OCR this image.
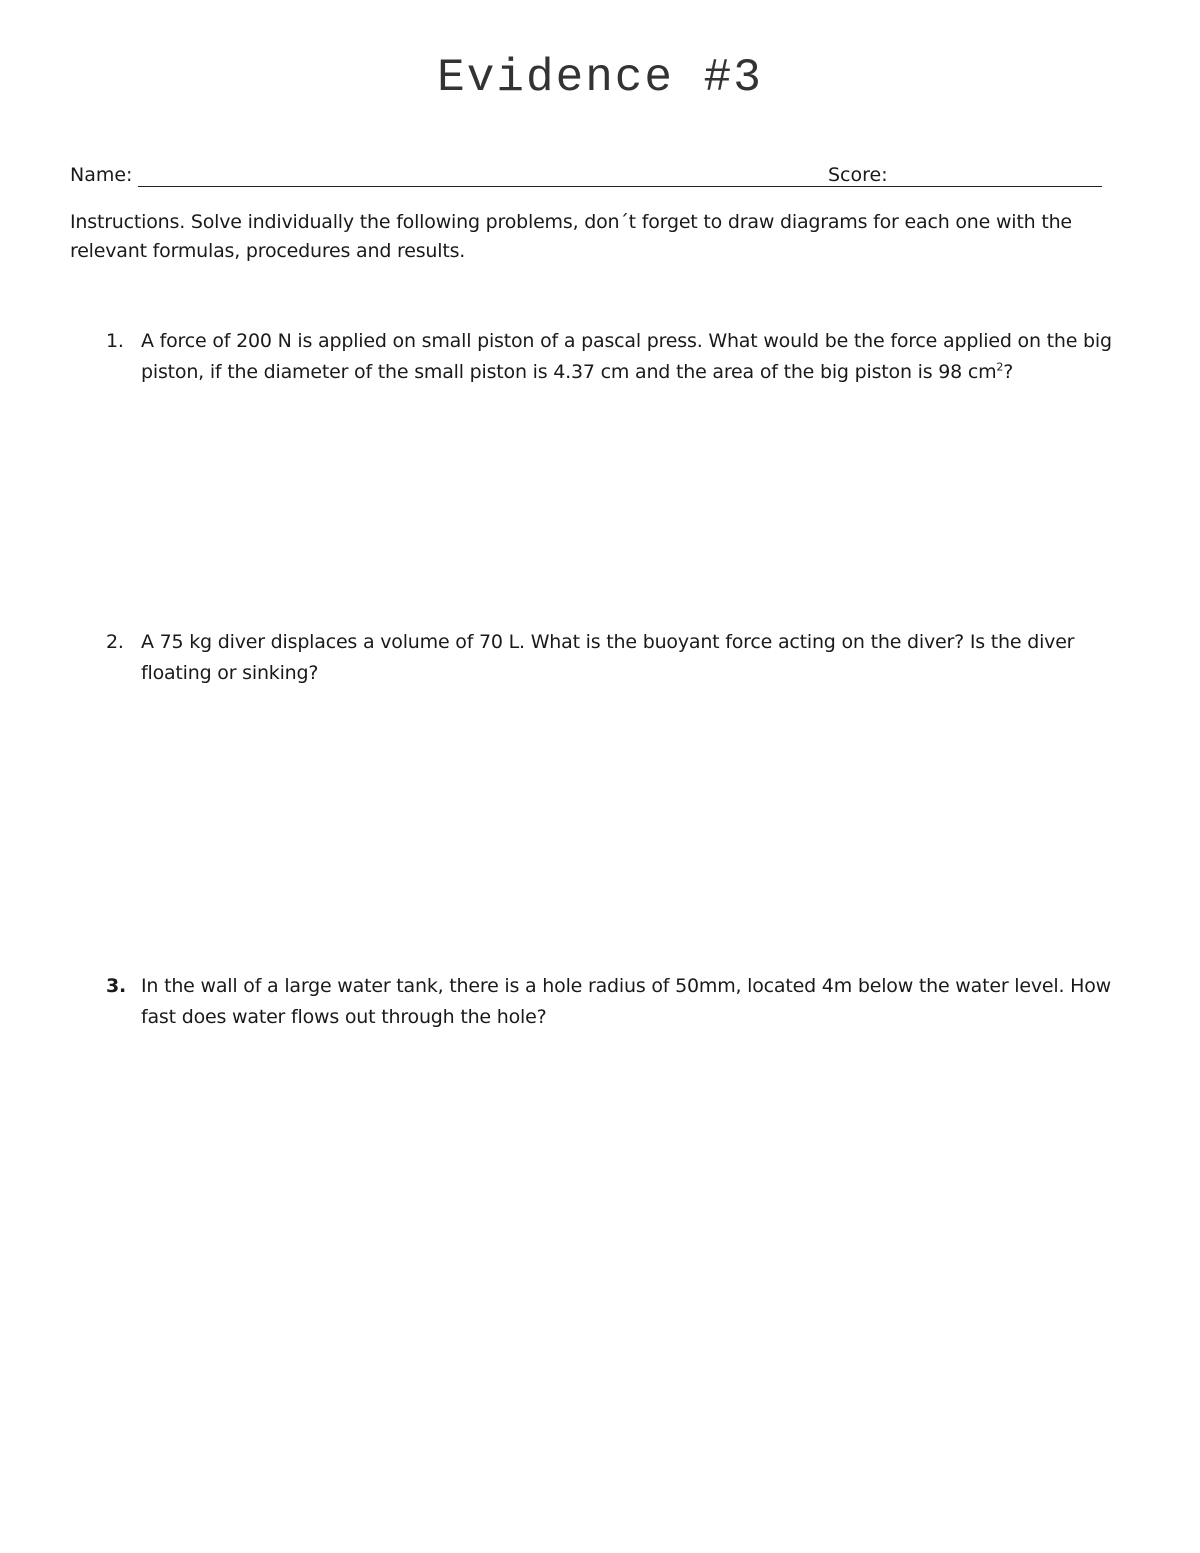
Evidence #3
Name:	Score:

Instructions. Solve individually the following problems, don´t forget to draw diagrams for each one with the relevant formulas, procedures and results.

1. A force of 200 N is applied on small piston of a pascal press. What would be the force applied on the big piston, if the diameter of the small piston is 4.37 cm and the area of the big piston is 98 $cm^2$?
2. A 75 kg diver displaces a volume of 70 L. What is the buoyant force acting on the diver? Is the diver floating or sinking?
3. In the wall of a large water tank, there is a hole radius of 50mm, located 4m below the water level. How fast does water flows out through the hole?
